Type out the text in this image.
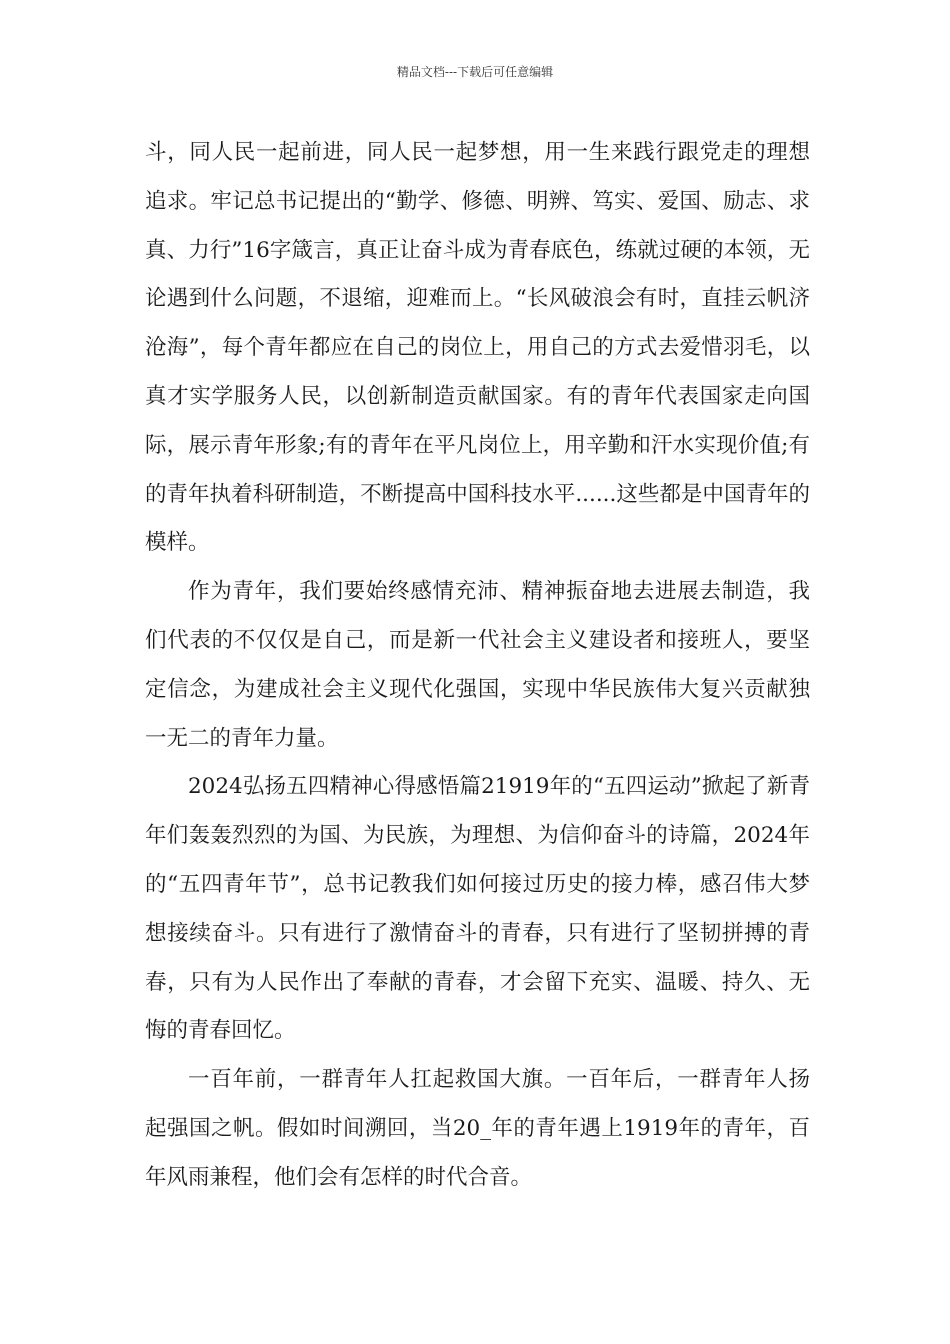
精品文档---下载后可任意编辑

斗，同人民一起前进，同人民一起梦想，用一生来践行跟党走的理想追求。牢记总书记提出的“勤学、修德、明辨、笃实、爱国、励志、求真、力行”16字箴言，真正让奋斗成为青春底色，练就过硬的本领，无论遇到什么问题，不退缩，迎难而上。“长风破浪会有时，直挂云帆济沧海”，每个青年都应在自己的岗位上，用自己的方式去爱惜羽毛，以真才实学服务人民，以创新制造贡献国家。有的青年代表国家走向国际，展示青年形象;有的青年在平凡岗位上，用辛勤和汗水实现价值;有的青年执着科研制造，不断提高中国科技水平......这些都是中国青年的模样。

作为青年，我们要始终感情充沛、精神振奋地去进展去制造，我们代表的不仅仅是自己，而是新一代社会主义建设者和接班人，要坚定信念，为建成社会主义现代化强国，实现中华民族伟大复兴贡献独一无二的青年力量。

2024弘扬五四精神心得感悟篇21919年的“五四运动”掀起了新青年们轰轰烈烈的为国、为民族，为理想、为信仰奋斗的诗篇，2024年的“五四青年节”，总书记教我们如何接过历史的接力棒，感召伟大梦想接续奋斗。只有进行了激情奋斗的青春，只有进行了坚韧拼搏的青春，只有为人民作出了奉献的青春，才会留下充实、温暖、持久、无悔的青春回忆。

一百年前，一群青年人扛起救国大旗。一百年后，一群青年人扬起强国之帆。假如时间溯回，当20_年的青年遇上1919年的青年，百年风雨兼程，他们会有怎样的时代合音。
